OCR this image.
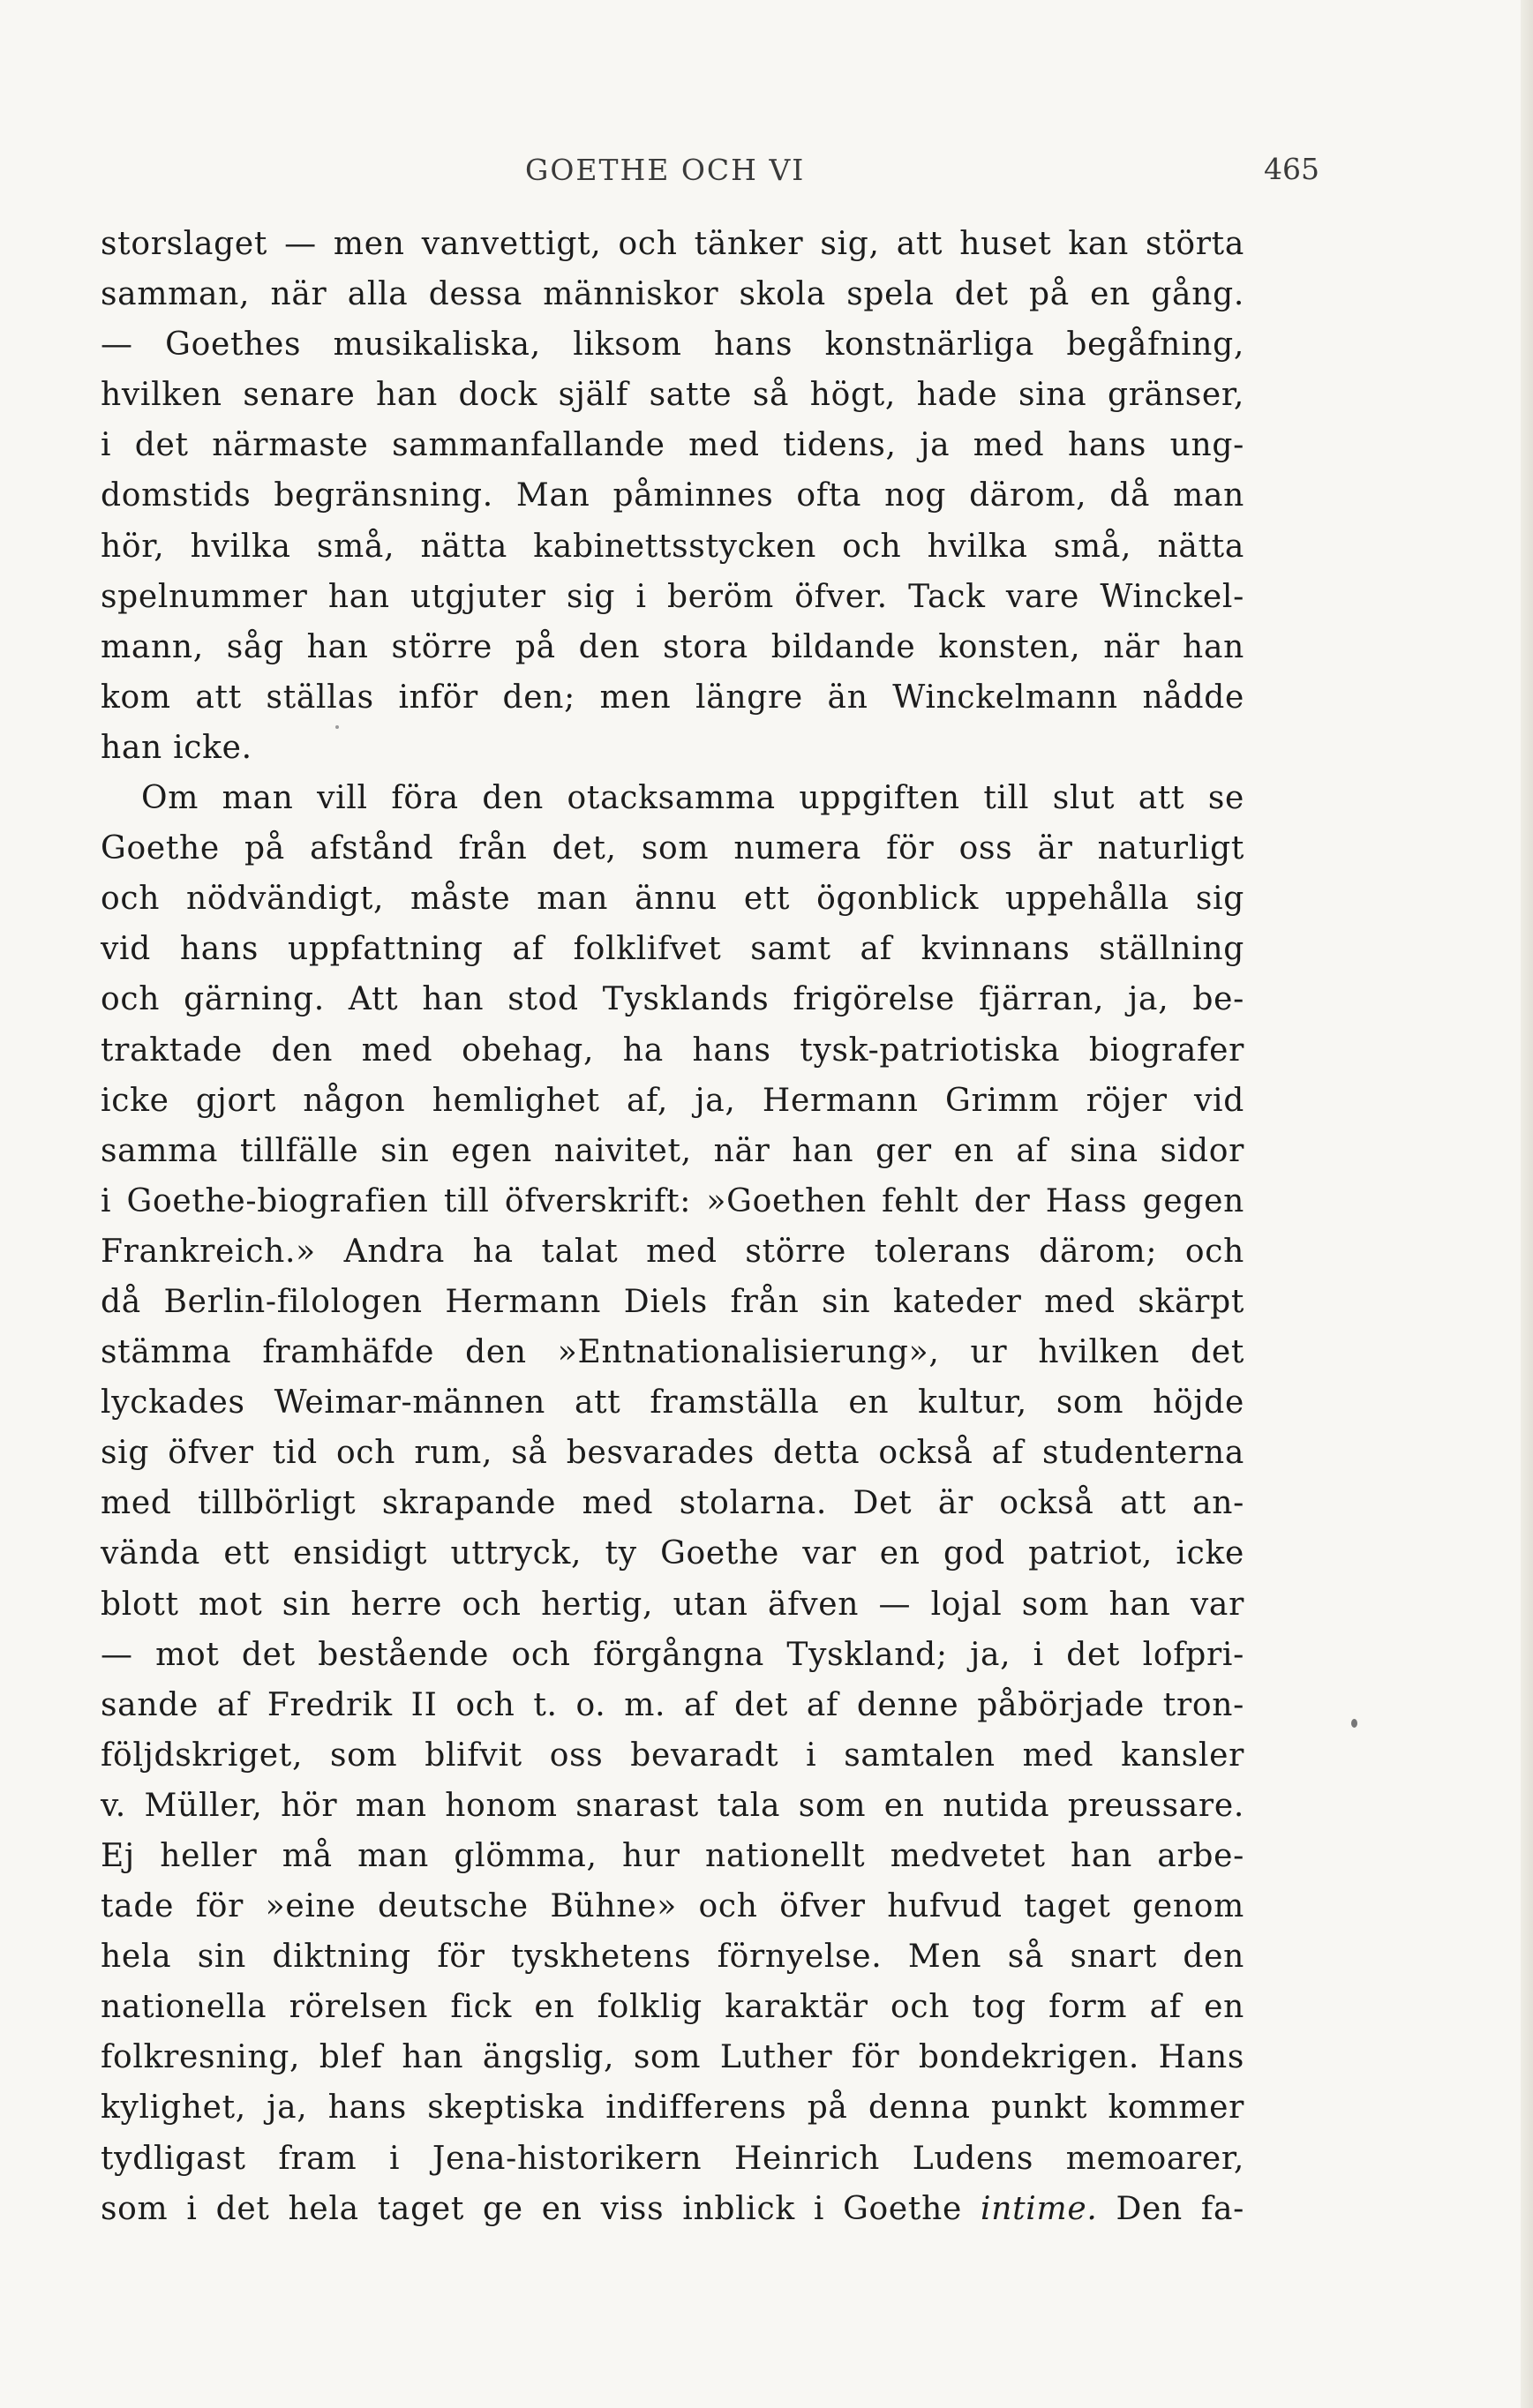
GOETHE OCH VI	465
storslaget — men vanvettigt, och tänker sig, att huset kan störta
samman, när alla dessa människor skola spela det på en gång.
— Goethes musikaliska, liksom hans konstnärliga begåfning,
hvilken senare han dock själf satte så högt, hade sina gränser,
i det närmaste sammanfallande med tidens, ja med hans ung-
domstids begränsning. Man påminnes ofta nog därom, då man
hör, hvilka små, nätta kabinettsstycken och hvilka små, nätta
spelnummer han utgjuter sig i beröm öfver. Tack vare Winckel-
mann, såg han större på den stora bildande konsten, när han
kom att ställas inför den; men längre än Winckelmann nådde
han icke.
Om man vill föra den otacksamma uppgiften till slut att se
Goethe på afstånd från det, som numera för oss är naturligt
och nödvändigt, måste man ännu ett ögonblick uppehålla sig
vid hans uppfattning af folklifvet samt af kvinnans ställning
och gärning. Att han stod Tysklands frigörelse fjärran, ja, be-
traktade den med obehag, ha hans tysk-patriotiska biografer
icke gjort någon hemlighet af, ja, Hermann Grimm röjer vid
samma tillfälle sin egen naivitet, när han ger en af sina sidor
i Goethe-biografien till öfverskrift: »Goethen fehlt der Hass gegen
Frankreich.» Andra ha talat med större tolerans därom; och
då Berlin-filologen Hermann Diels från sin kateder med skärpt
stämma framhäfde den »Entnationalisierung», ur hvilken det
lyckades Weimar-männen att framställa en kultur, som höjde
sig öfver tid och rum, så besvarades detta också af studenterna
med tillbörligt skrapande med stolarna. Det är också att an-
vända ett ensidigt uttryck, ty Goethe var en god patriot, icke
blott mot sin herre och hertig, utan äfven — lojal som han var
— mot det bestående och förgångna Tyskland; ja, i det lofpri-
sande af Fredrik II och t. o. m. af det af denne påbörjade tron-
följdskriget, som blifvit oss bevaradt i samtalen med kansler
v. Müller, hör man honom snarast tala som en nutida preussare.
Ej heller må man glömma, hur nationellt medvetet han arbe-
tade för »eine deutsche Bühne» och öfver hufvud taget genom
hela sin diktning för tyskhetens förnyelse. Men så snart den
nationella rörelsen fick en folklig karaktär och tog form af en
folkresning, blef han ängslig, som Luther för bondekrigen. Hans
kylighet, ja, hans skeptiska indifferens på denna punkt kommer
tydligast fram i Jena-historikern Heinrich Ludens memoarer,
som i det hela taget ge en viss inblick i Goethe intime. Den fa-
